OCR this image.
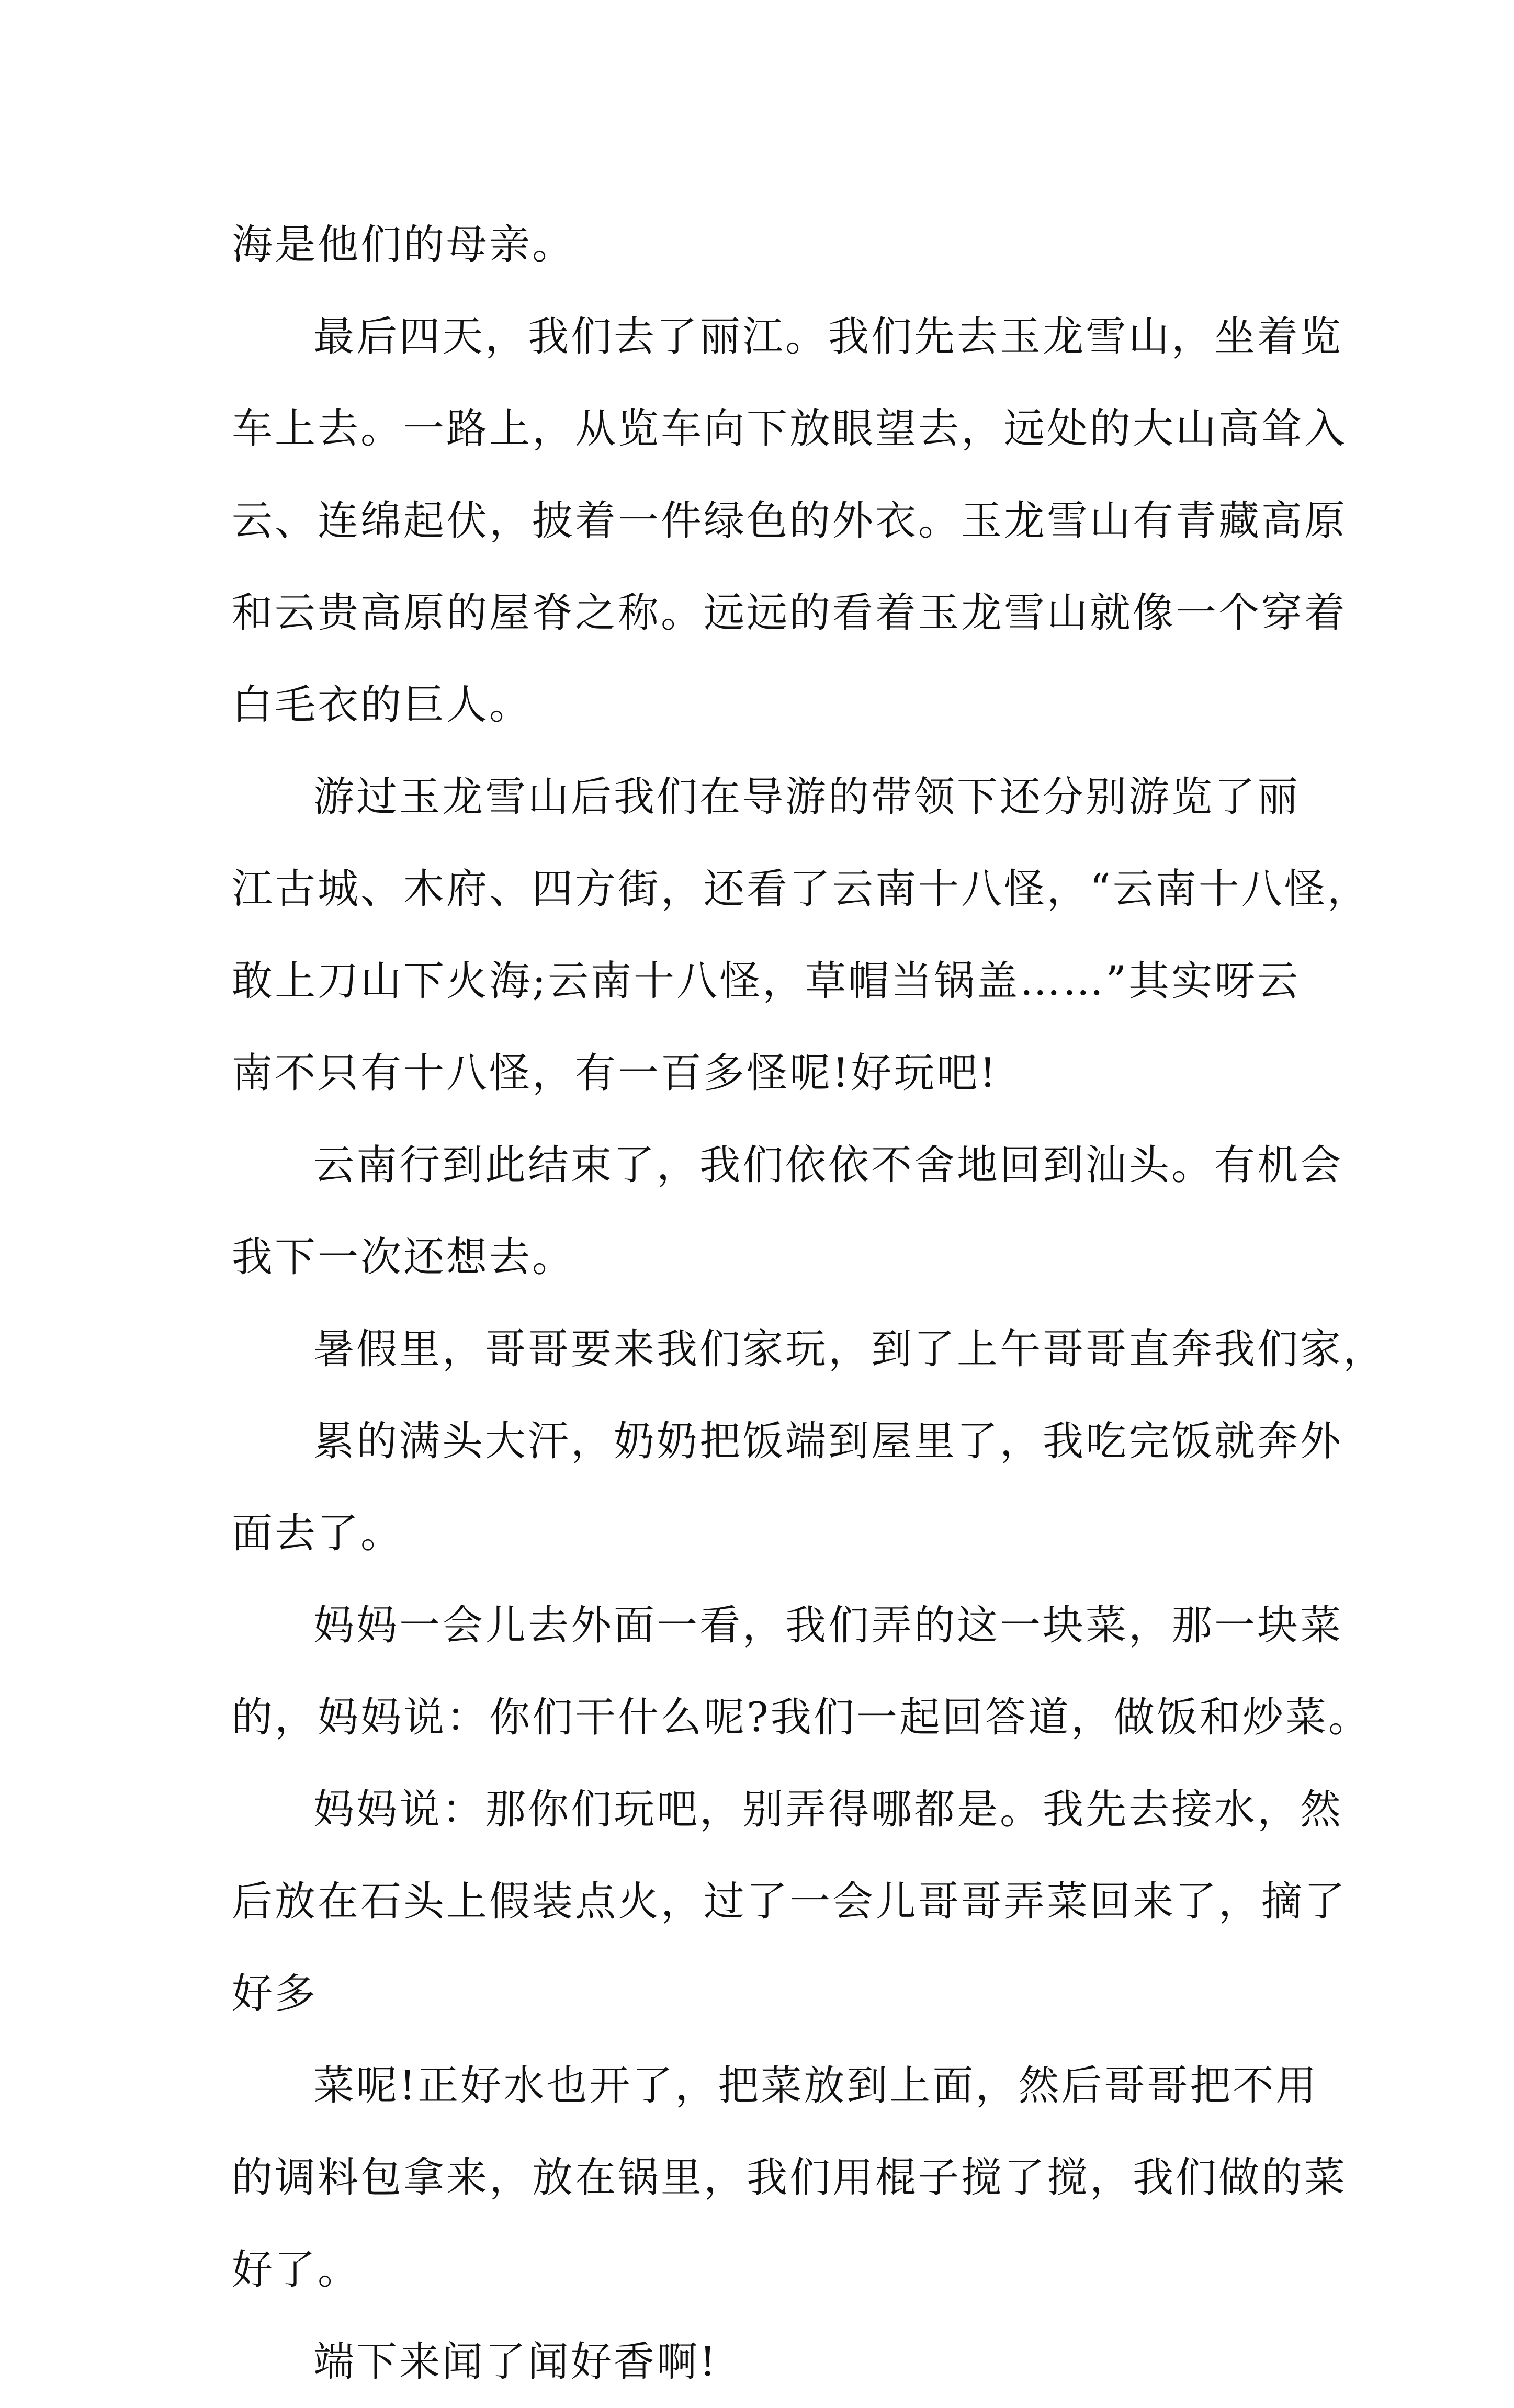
海是他们的母亲。
最后四天，我们去了丽江。我们先去玉龙雪山，坐着览
车上去。一路上，从览车向下放眼望去，远处的大山高耸入
云、连绵起伏，披着一件绿色的外衣。玉龙雪山有青藏高原
和云贵高原的屋脊之称。远远的看着玉龙雪山就像一个穿着
白毛衣的巨人。
游过玉龙雪山后我们在导游的带领下还分别游览了丽
江古城、木府、四方街，还看了云南十八怪，“云南十八怪，
敢上刀山下火海;云南十八怪，草帽当锅盖……”其实呀云
南不只有十八怪，有一百多怪呢!好玩吧!
云南行到此结束了，我们依依不舍地回到汕头。有机会
我下一次还想去。
暑假里，哥哥要来我们家玩，到了上午哥哥直奔我们家，
累的满头大汗，奶奶把饭端到屋里了，我吃完饭就奔外
面去了。
妈妈一会儿去外面一看，我们弄的这一块菜，那一块菜
的，妈妈说：你们干什么呢?我们一起回答道，做饭和炒菜。
妈妈说：那你们玩吧，别弄得哪都是。我先去接水，然
后放在石头上假装点火，过了一会儿哥哥弄菜回来了，摘了
好多
菜呢!正好水也开了，把菜放到上面，然后哥哥把不用
的调料包拿来，放在锅里，我们用棍子搅了搅，我们做的菜
好了。
端下来闻了闻好香啊!
